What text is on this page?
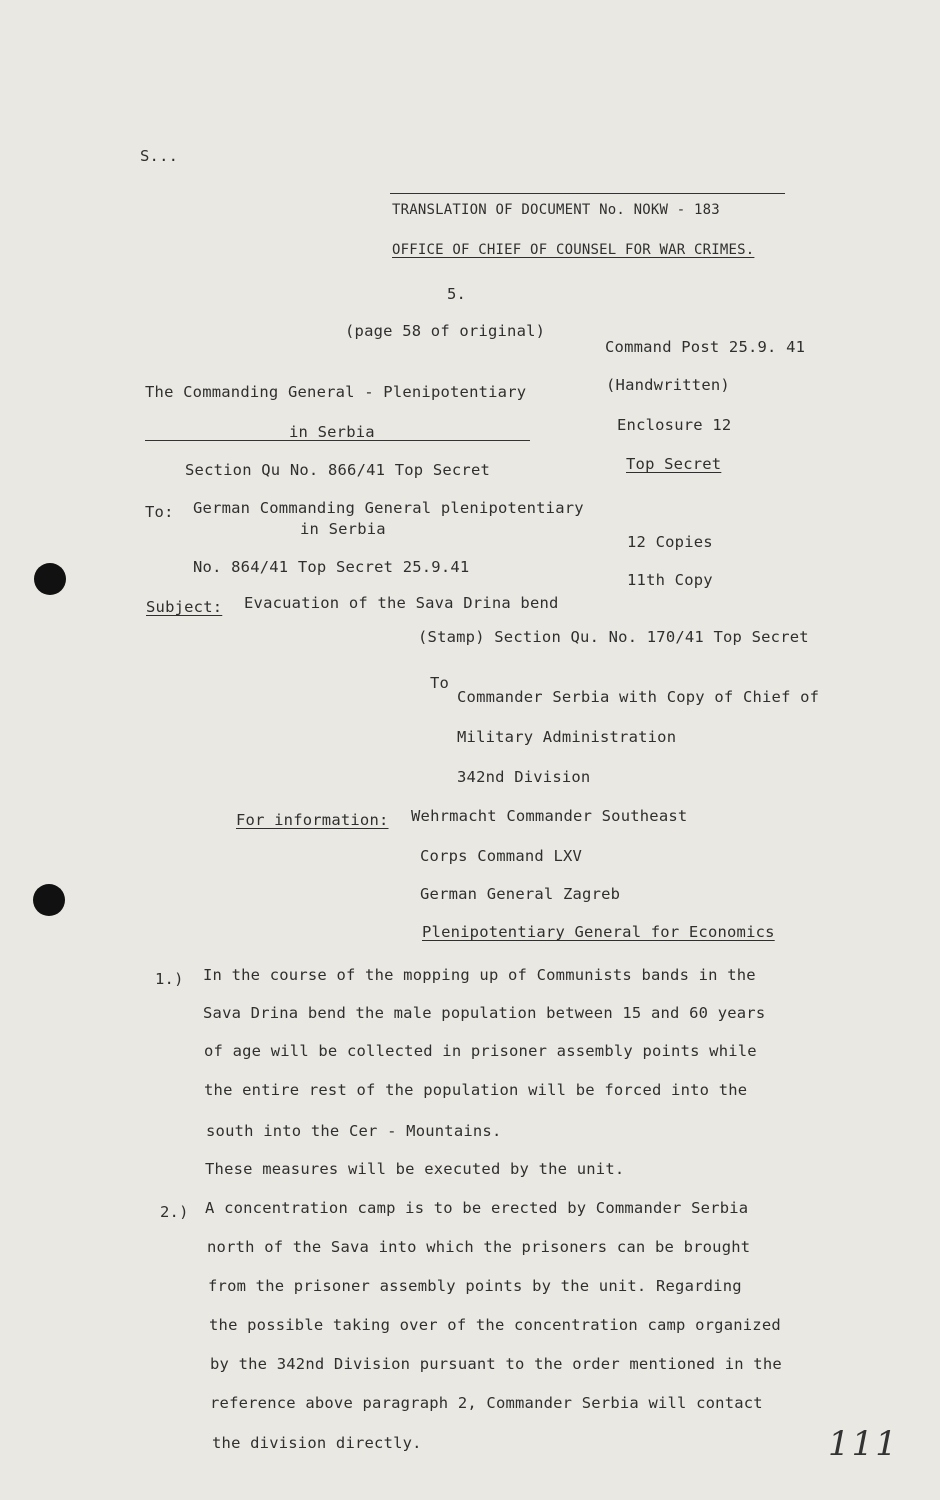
S...
TRANSLATION OF DOCUMENT No. NOKW - 183
OFFICE OF CHIEF OF COUNSEL FOR WAR CRIMES.
5.
(page 58 of original)
Command Post 25.9. 41
(Handwritten)
Enclosure 12
Top Secret
12 Copies
11th Copy
The Commanding General - Plenipotentiary
in Serbia
Section Qu No. 866/41 Top Secret
To: German Commanding General plenipotentiary
in Serbia
No. 864/41 Top Secret 25.9.41
Subject: Evacuation of the Sava Drina bend
(Stamp) Section Qu. No. 170/41 Top Secret
To
Commander Serbia with Copy of Chief of
Military Administration
342nd Division
For information: Wehrmacht Commander Southeast
Corps Command LXV
German General Zagreb
Plenipotentiary General for Economics
1.) In the course of the mopping up of Communists bands in the
Sava Drina bend the male population between 15 and 60 years
of age will be collected in prisoner assembly points while
the entire rest of the population will be forced into the
south into the Cer - Mountains.
These measures will be executed by the unit.
2.) A concentration camp is to be erected by Commander Serbia
north of the Sava into which the prisoners can be brought
from the prisoner assembly points by the unit. Regarding
the possible taking over of the concentration camp organized
by the 342nd Division pursuant to the order mentioned in the
reference above paragraph 2, Commander Serbia will contact
the division directly.	111
